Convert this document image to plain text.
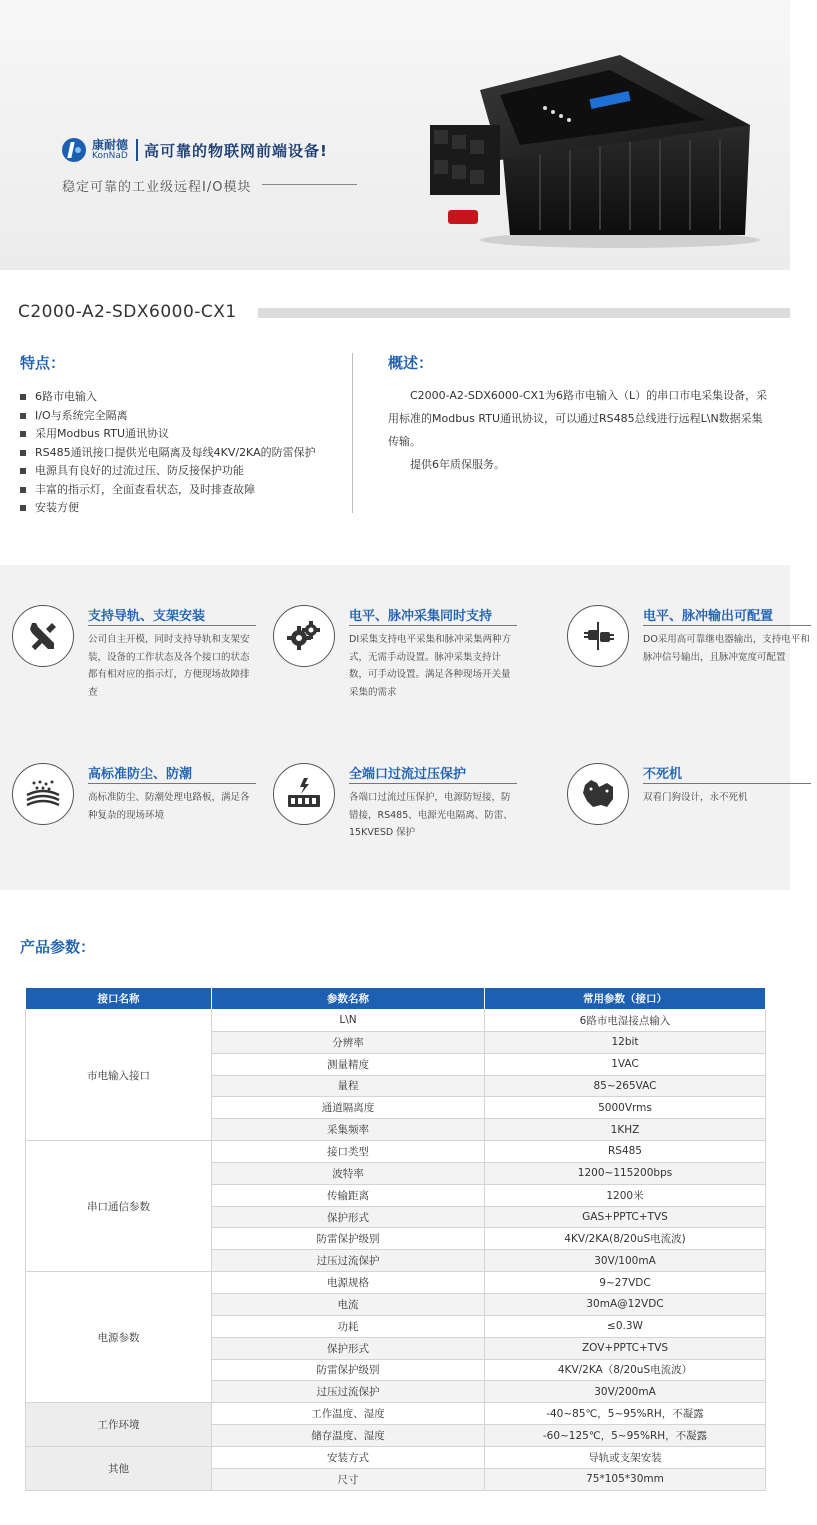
康耐德
KonNaD 高可靠的物联网前端设备!
稳定可靠的工业级远程I/O模块
C2000-A2-SDX6000-CX1
特点：
6路市电输入
I/O与系统完全隔离
采用Modbus RTU通讯协议
RS485通讯接口提供光电隔离及每线4KV/2KA的防雷保护
电源具有良好的过流过压、防反接保护功能
丰富的指示灯，全面查看状态，及时排查故障
安装方便
概述：

C2000-A2-SDX6000-CX1为6路市电输入（L）的串口市电采集设备，采用标准的Modbus RTU通讯协议，可以通过RS485总线进行远程L\N数据采集传输。

提供6年质保服务。

支持导轨、支架安装
公司自主开模，同时支持导轨和支架安装，设备的工作状态及各个接口的状态都有相对应的指示灯，方便现场故障排查
电平、脉冲采集同时支持
DI采集支持电平采集和脉冲采集两种方式，无需手动设置。脉冲采集支持计数，可手动设置。满足各种现场开关量采集的需求
电平、脉冲输出可配置
DO采用高可靠继电器输出，支持电平和脉冲信号输出，且脉冲宽度可配置
高标准防尘、防潮
高标准防尘、防潮处理电路板，满足各种复杂的现场环境
全端口过流过压保护
各端口过流过压保护，电源防短接，防错接，RS485、电源光电隔离、防雷、15KVESD 保护
不死机
双看门狗设计，永不死机
产品参数：
接口名称	参数名称	常用参数（接口）
市电输入接口	L\N	6路市电湿接点输入
	分辨率	12bit
	测量精度	1VAC
	量程	85~265VAC
	通道隔离度	5000Vrms
	采集频率	1KHZ
串口通信参数	接口类型	RS485
	波特率	1200~115200bps
	传输距离	1200米
	保护形式	GAS+PPTC+TVS
	防雷保护级别	4KV/2KA(8/20uS电流波)
	过压过流保护	30V/100mA
电源参数	电源规格	9~27VDC
	电流	30mA@12VDC
	功耗	≤0.3W
	保护形式	ZOV+PPTC+TVS
	防雷保护级别	4KV/2KA（8/20uS电流波）
	过压过流保护	30V/200mA
工作环境	工作温度、湿度	-40~85℃，5~95%RH，不凝露
	储存温度、湿度	-60~125℃，5~95%RH，不凝露
其他	安装方式	导轨或支架安装
	尺寸	75*105*30mm
